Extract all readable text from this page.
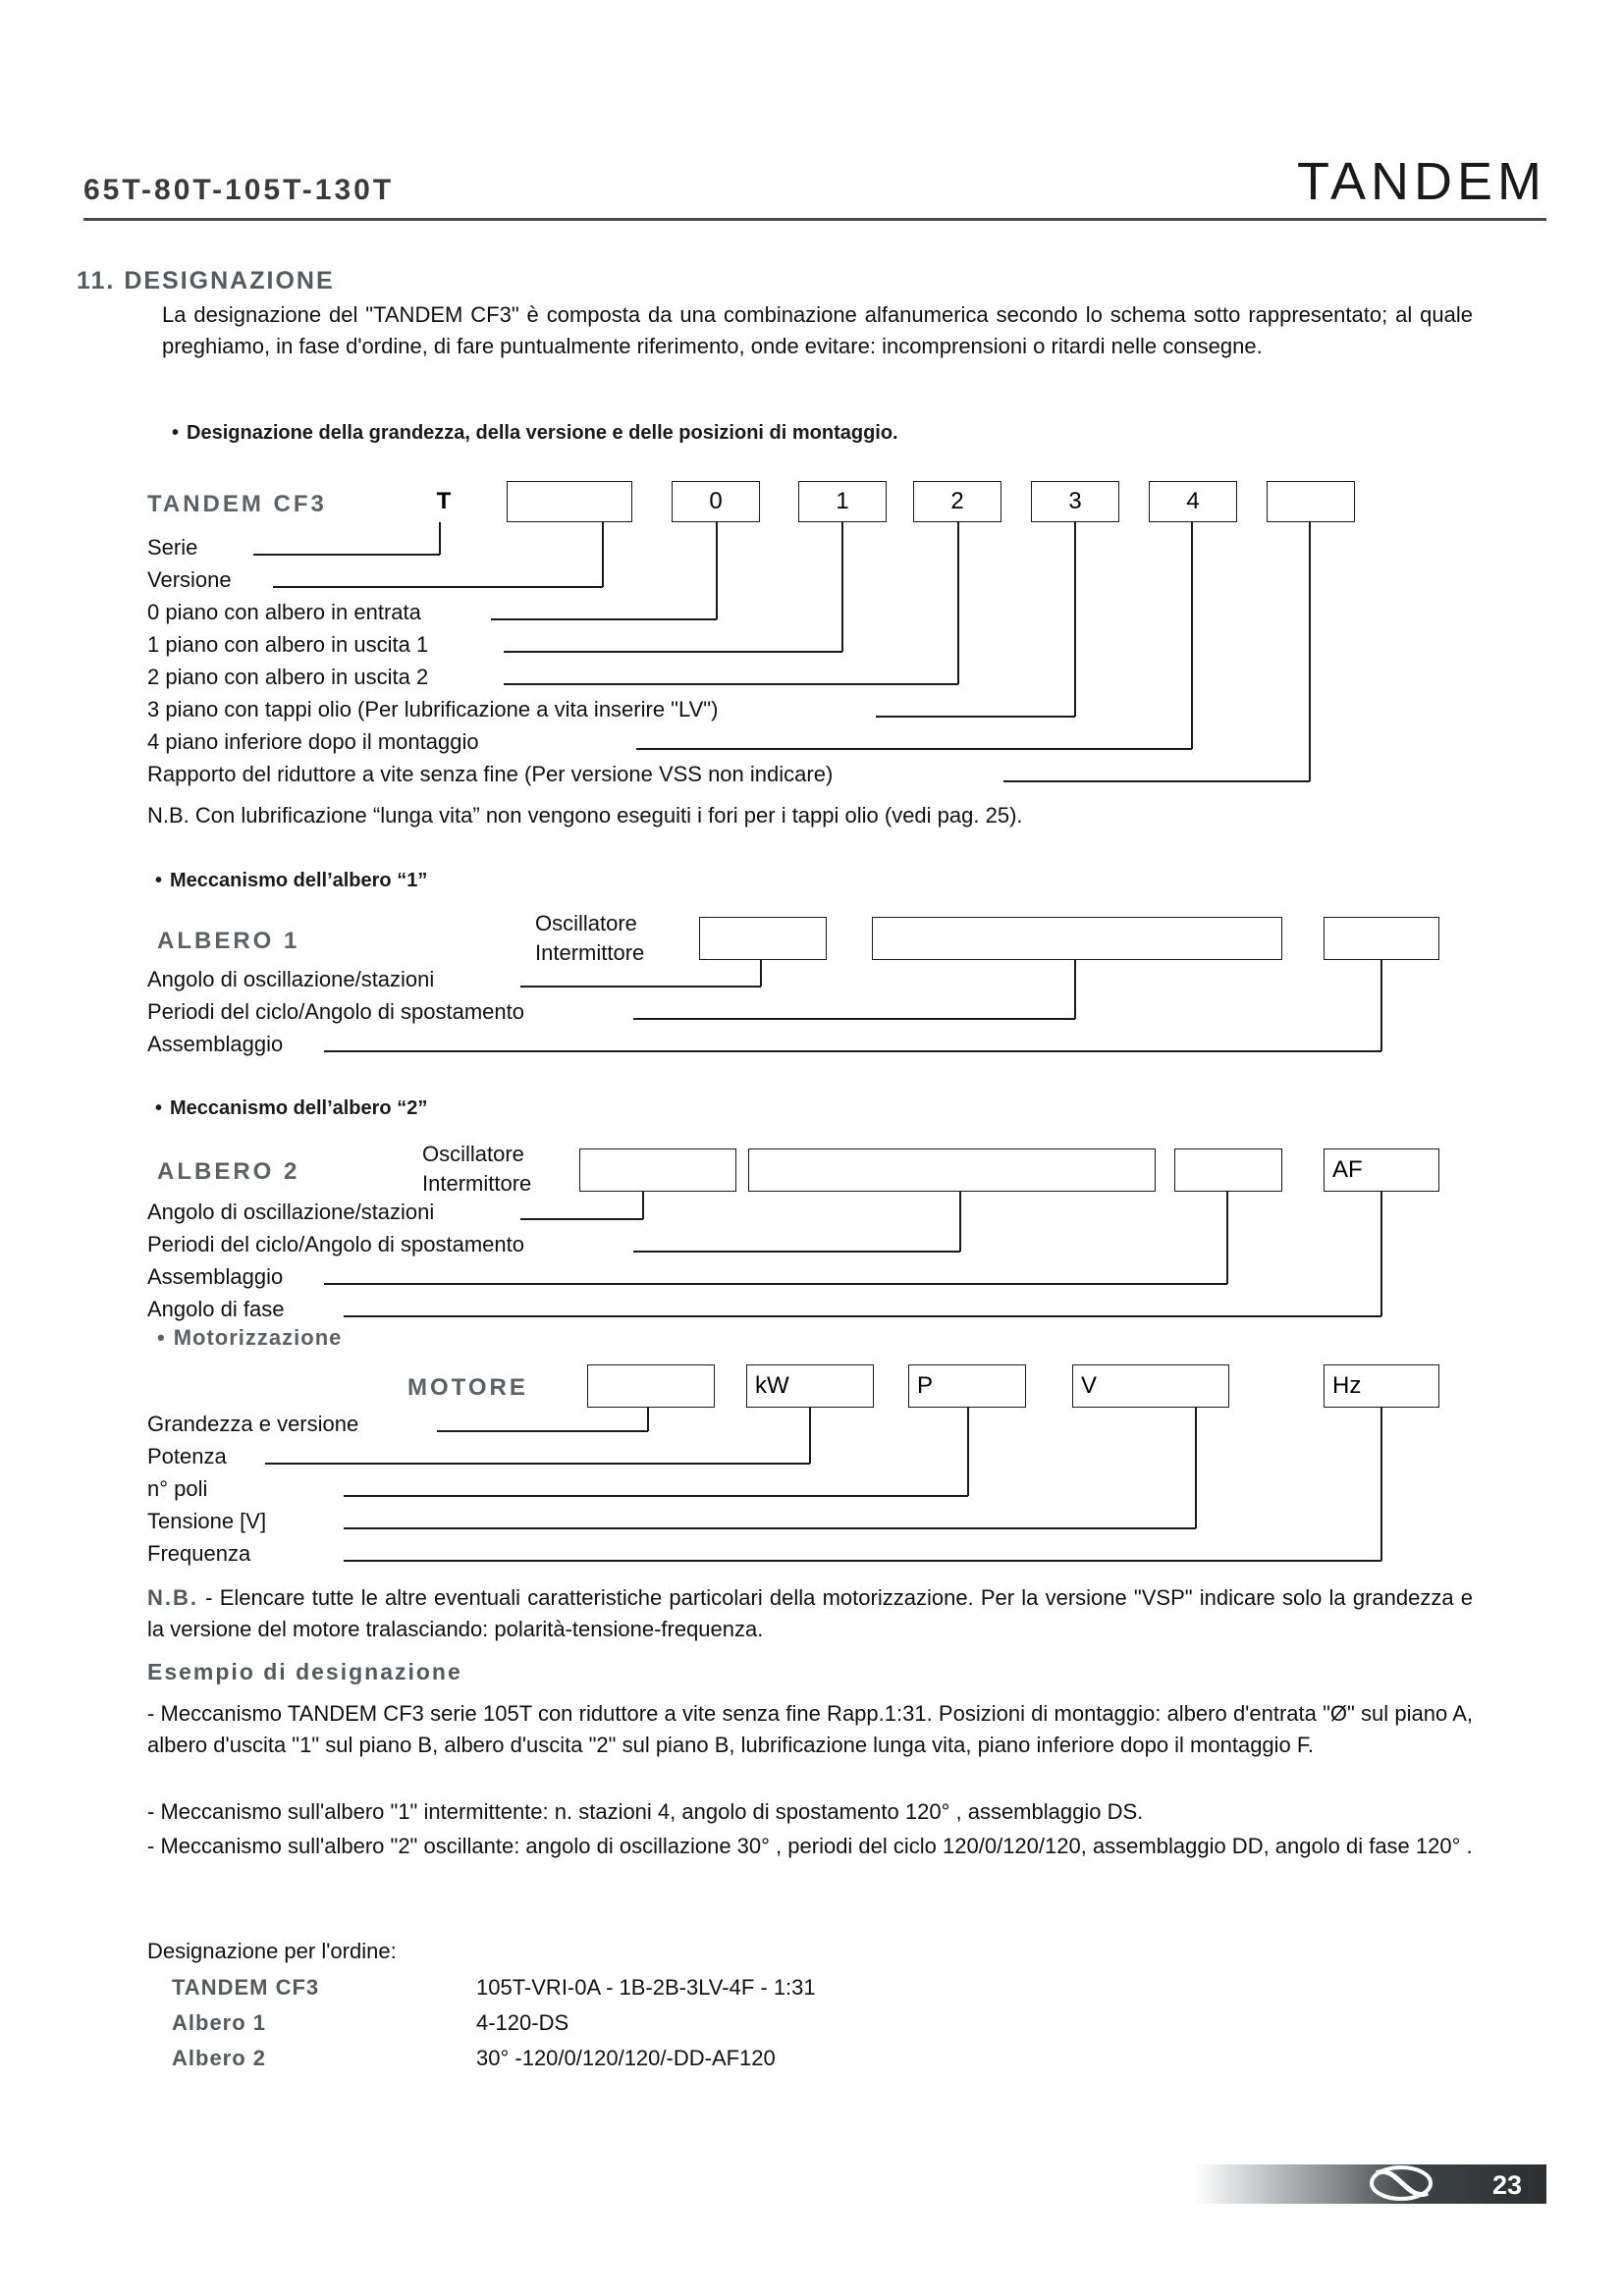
65T-80T-105T-130T	TANDEM
11. DESIGNAZIONE
La designazione del "TANDEM CF3" è composta da una combinazione alfanumerica secondo lo schema sotto rappresentato; al quale preghiamo, in fase d'ordine, di fare puntualmente riferimento, onde evitare: incomprensioni o ritardi nelle consegne.
• Designazione della grandezza, della versione e delle posizioni di montaggio.
TANDEM CF3	T	0	1	2	3	4
Serie
Versione
0 piano con albero in entrata
1 piano con albero in uscita 1
2 piano con albero in uscita 2
3 piano con tappi olio (Per lubrificazione a vita inserire "LV")
4 piano inferiore dopo il montaggio
Rapporto del riduttore a vite senza fine (Per versione VSS non indicare)
N.B. Con lubrificazione “lunga vita” non vengono eseguiti i fori per i tappi olio (vedi pag. 25).
• Meccanismo dell’albero “1”
ALBERO 1
Oscillatore
Intermittore
Angolo di oscillazione/stazioni
Periodi del ciclo/Angolo di spostamento
Assemblaggio
• Meccanismo dell’albero “2”
ALBERO 2
Oscillatore
Intermittore
AF
Angolo di oscillazione/stazioni
Periodi del ciclo/Angolo di spostamento
Assemblaggio
Angolo di fase
• Motorizzazione
MOTORE	kW	P	V	Hz
Grandezza e versione
Potenza
n° poli
Tensione [V]
Frequenza
N.B. - Elencare tutte le altre eventuali caratteristiche particolari della motorizzazione. Per la versione "VSP" indicare solo la grandezza e la versione del motore tralasciando: polarità-tensione-frequenza.
Esempio di designazione
- Meccanismo TANDEM CF3 serie 105T con riduttore a vite senza fine Rapp.1:31. Posizioni di montaggio: albero d'entrata "Ø" sul piano A, albero d'uscita "1" sul piano B, albero d'uscita "2" sul piano B, lubrificazione lunga vita, piano inferiore dopo il montaggio F.
- Meccanismo sull'albero "1" intermittente: n. stazioni 4, angolo di spostamento 120° , assemblaggio DS.
- Meccanismo sull'albero "2" oscillante: angolo di oscillazione 30° , periodi del ciclo 120/0/120/120, assemblaggio DD, angolo di fase 120° .
Designazione per l'ordine:
TANDEM CF3	105T-VRI-0A - 1B-2B-3LV-4F - 1:31
Albero 1	4-120-DS
Albero 2	30° -120/0/120/120/-DD-AF120
23
